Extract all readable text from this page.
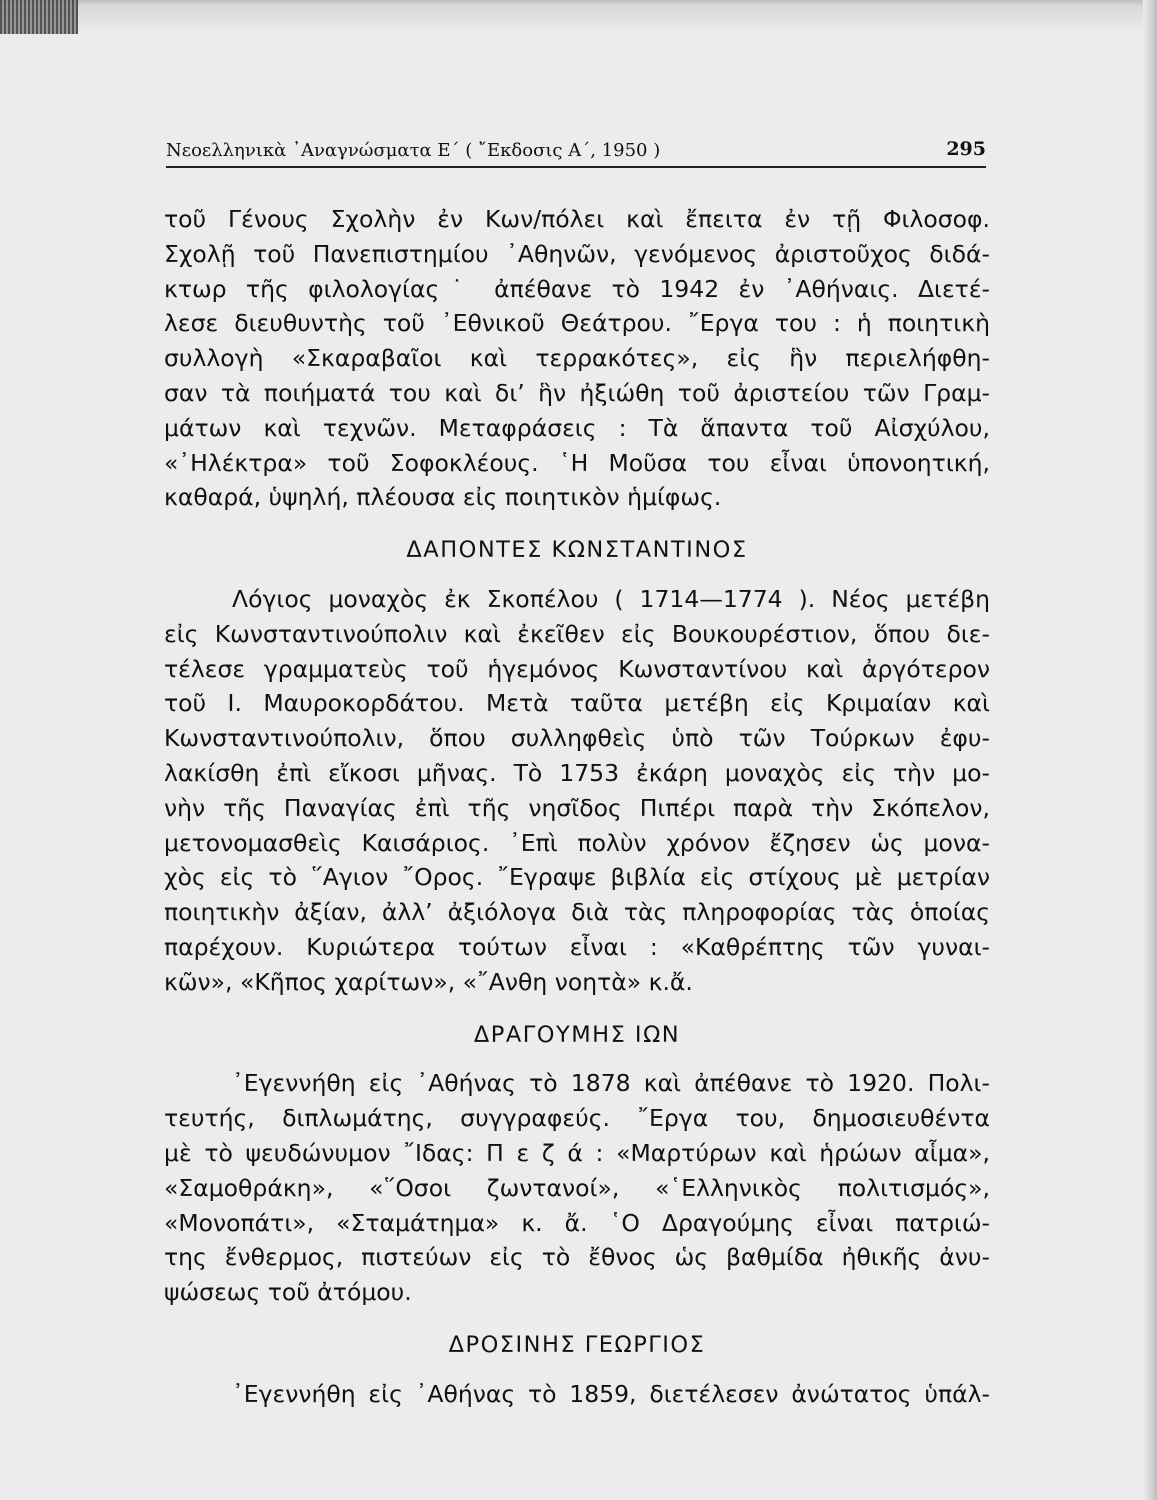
Νεοελληνικὰ ᾿Αναγνώσματα Ε΄ ( ῎Εκδοσις Α΄, 1950 )	295
τοῦ Γένους Σχολὴν ἐν Κων/πόλει καὶ ἔπειτα ἐν τῇ Φιλοσοφ.
Σχολῇ τοῦ Πανεπιστημίου ᾿Αθηνῶν, γενόμενος ἀριστοῦχος διδά-
κτωρ τῆς φιλολογίας˙ ἀπέθανε τὸ 1942 ἐν ᾿Αθήναις. Διετέ-
λεσε διευθυντὴς τοῦ ᾿Εθνικοῦ Θεάτρου. ῎Εργα του : ἡ ποιητικὴ
συλλογὴ «Σκαραβαῖοι καὶ τερρακότες», εἰς ἣν περιελήφθη-
σαν τὰ ποιήματά του καὶ δι’ ἣν ἠξιώθη τοῦ ἀριστείου τῶν Γραμ-
μάτων καὶ τεχνῶν. Μεταφράσεις : Τὰ ἅπαντα τοῦ Αἰσχύλου,
«᾿Ηλέκτρα» τοῦ Σοφοκλέους. ῾Η Μοῦσα του εἶναι ὑπονοητική,
καθαρά, ὑψηλή, πλέουσα εἰς ποιητικὸν ἡμίφως.
ΔΑΠΟΝΤΕΣ ΚΩΝΣΤΑΝΤΙΝΟΣ
Λόγιος μοναχὸς ἐκ Σκοπέλου ( 1714—1774 ). Νέος μετέβη
εἰς Κωνσταντινούπολιν καὶ ἐκεῖθεν εἰς Βουκουρέστιον, ὅπου διε-
τέλεσε γραμματεὺς τοῦ ἡγεμόνος Κωνσταντίνου καὶ ἀργότερον
τοῦ Ι. Μαυροκορδάτου. Μετὰ ταῦτα μετέβη εἰς Κριμαίαν καὶ
Κωνσταντινούπολιν, ὅπου συλληφθεὶς ὑπὸ τῶν Τούρκων ἐφυ-
λακίσθη ἐπὶ εἴκοσι μῆνας. Τὸ 1753 ἐκάρη μοναχὸς εἰς τὴν μο-
νὴν τῆς Παναγίας ἐπὶ τῆς νησῖδος Πιπέρι παρὰ τὴν Σκόπελον,
μετονομασθεὶς Καισάριος. ᾿Επὶ πολὺν χρόνον ἔζησεν ὡς μονα-
χὸς εἰς τὸ ῞Αγιον ῎Ορος. ῎Εγραψε βιβλία εἰς στίχους μὲ μετρίαν
ποιητικὴν ἀξίαν, ἀλλ’ ἀξιόλογα διὰ τὰς πληροφορίας τὰς ὁποίας
παρέχουν. Κυριώτερα τούτων εἶναι : «Καθρέπτης τῶν γυναι-
κῶν», «Κῆπος χαρίτων», «῎Ανθη νοητὰ» κ.ἄ.
ΔΡΑΓΟΥΜΗΣ ΙΩΝ
᾿Εγεννήθη εἰς ᾿Αθήνας τὸ 1878 καὶ ἀπέθανε τὸ 1920. Πολι-
τευτής, διπλωμάτης, συγγραφεύς. ῎Εργα του, δημοσιευθέντα
μὲ τὸ ψευδώνυμον ῎Ιδας: Π ε ζ ά : «Μαρτύρων καὶ ἡρώων αἷμα»,
«Σαμοθράκη», «῞Οσοι ζωντανοί», «῾Ελληνικὸς πολιτισμός»,
«Μονοπάτι», «Σταμάτημα» κ. ἄ. ῾Ο Δραγούμης εἶναι πατριώ-
της ἔνθερμος, πιστεύων εἰς τὸ ἔθνος ὡς βαθμίδα ἠθικῆς ἀνυ-
ψώσεως τοῦ ἀτόμου.
ΔΡΟΣΙΝΗΣ ΓΕΩΡΓΙΟΣ
᾿Εγεννήθη εἰς ᾿Αθήνας τὸ 1859, διετέλεσεν ἀνώτατος ὑπάλ-
